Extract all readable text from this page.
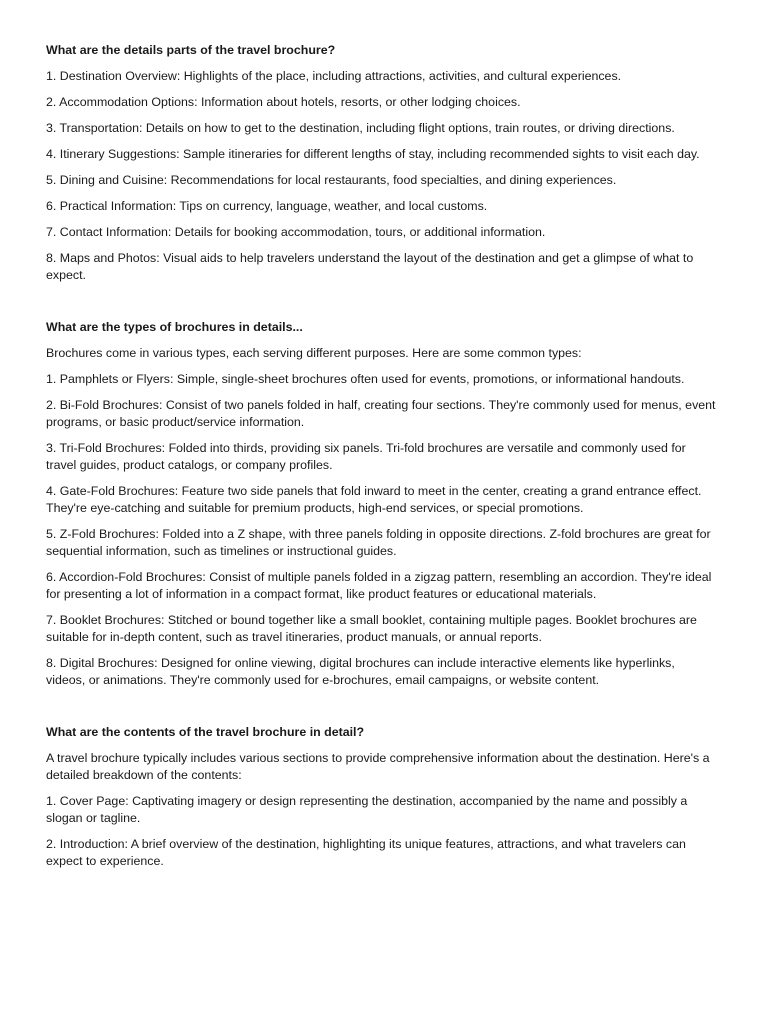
What are the details parts of the travel brochure?
1. Destination Overview: Highlights of the place, including attractions, activities, and cultural experiences.
2. Accommodation Options: Information about hotels, resorts, or other lodging choices.
3. Transportation: Details on how to get to the destination, including flight options, train routes, or driving directions.
4. Itinerary Suggestions: Sample itineraries for different lengths of stay, including recommended sights to visit each day.
5. Dining and Cuisine: Recommendations for local restaurants, food specialties, and dining experiences.
6. Practical Information: Tips on currency, language, weather, and local customs.
7. Contact Information: Details for booking accommodation, tours, or additional information.
8. Maps and Photos: Visual aids to help travelers understand the layout of the destination and get a glimpse of what to expect.
What are the types of brochures in details...
Brochures come in various types, each serving different purposes. Here are some common types:
1. Pamphlets or Flyers: Simple, single-sheet brochures often used for events, promotions, or informational handouts.
2. Bi-Fold Brochures: Consist of two panels folded in half, creating four sections. They're commonly used for menus, event programs, or basic product/service information.
3. Tri-Fold Brochures: Folded into thirds, providing six panels. Tri-fold brochures are versatile and commonly used for travel guides, product catalogs, or company profiles.
4. Gate-Fold Brochures: Feature two side panels that fold inward to meet in the center, creating a grand entrance effect. They're eye-catching and suitable for premium products, high-end services, or special promotions.
5. Z-Fold Brochures: Folded into a Z shape, with three panels folding in opposite directions. Z-fold brochures are great for sequential information, such as timelines or instructional guides.
6. Accordion-Fold Brochures: Consist of multiple panels folded in a zigzag pattern, resembling an accordion. They're ideal for presenting a lot of information in a compact format, like product features or educational materials.
7. Booklet Brochures: Stitched or bound together like a small booklet, containing multiple pages. Booklet brochures are suitable for in-depth content, such as travel itineraries, product manuals, or annual reports.
8. Digital Brochures: Designed for online viewing, digital brochures can include interactive elements like hyperlinks, videos, or animations. They're commonly used for e-brochures, email campaigns, or website content.
What are the contents of the travel brochure in detail?
A travel brochure typically includes various sections to provide comprehensive information about the destination. Here's a detailed breakdown of the contents:
1. Cover Page: Captivating imagery or design representing the destination, accompanied by the name and possibly a slogan or tagline.
2. Introduction: A brief overview of the destination, highlighting its unique features, attractions, and what travelers can expect to experience.
